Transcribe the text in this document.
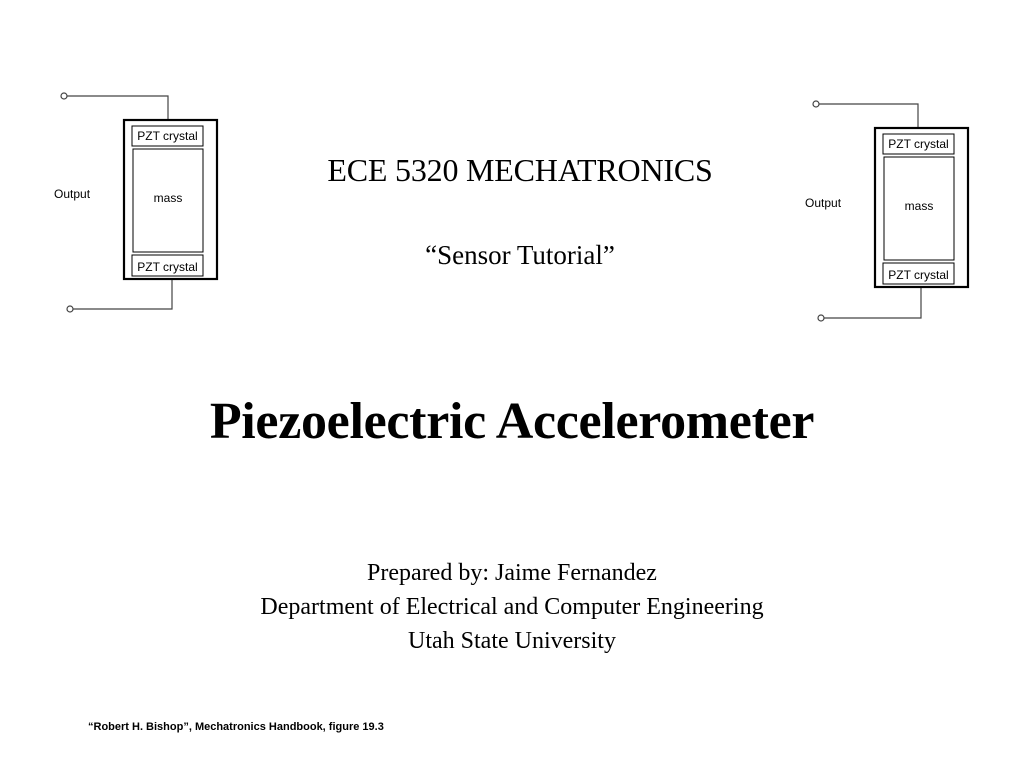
PZT crystal
mass
PZT crystal
Output
PZT crystal
mass
PZT crystal
Output
ECE 5320 MECHATRONICS
“Sensor Tutorial”
Piezoelectric Accelerometer
Prepared by: Jaime Fernandez
Department of Electrical and Computer Engineering
Utah State University
“Robert H. Bishop”, Mechatronics Handbook, figure 19.3
